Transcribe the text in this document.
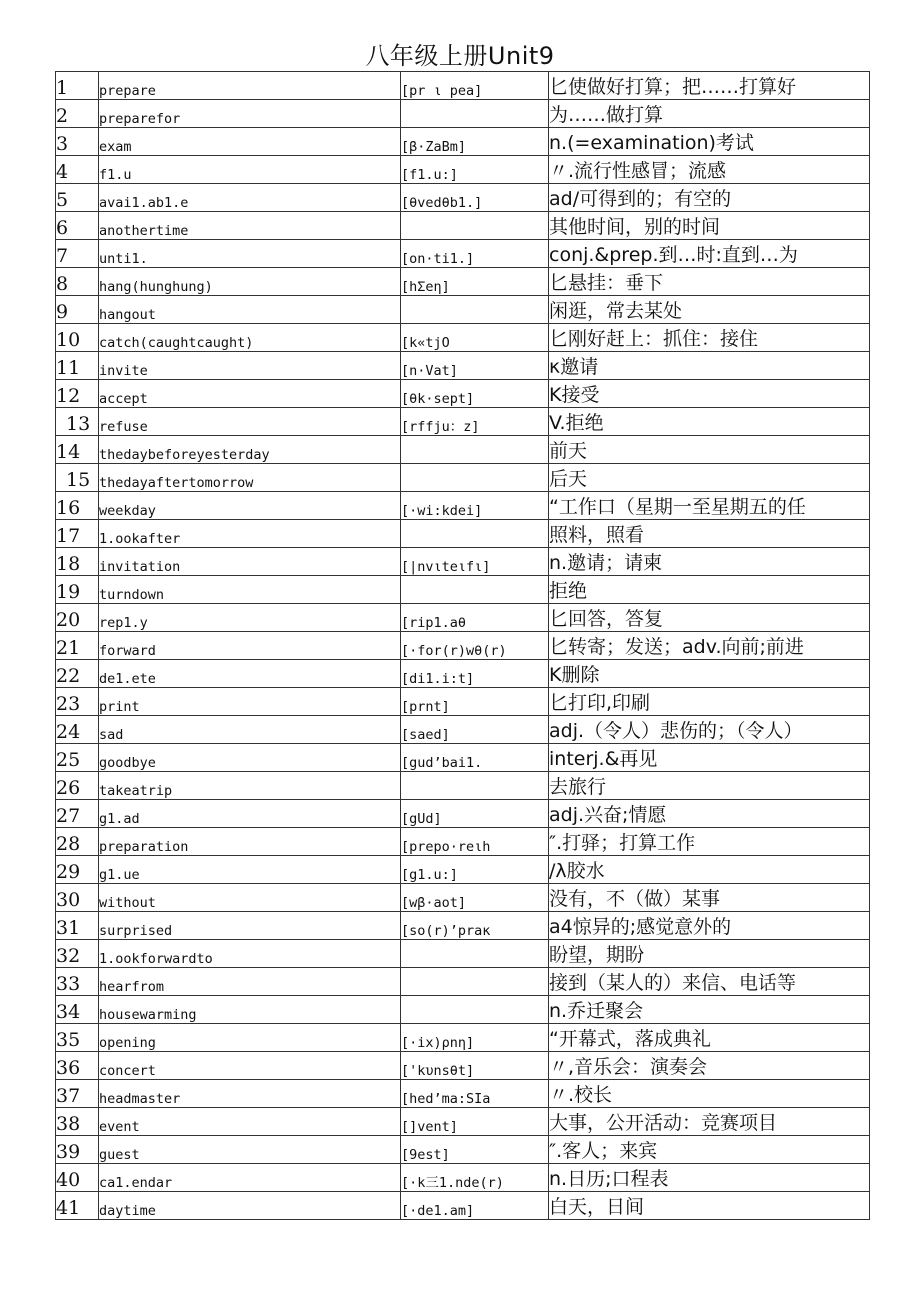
八年级上册Unit9
1	prepare	[pr ι pea]	匕使做好打算；把……打算好
2	preparefor		为……做打算
3	exam	[β·ZaBm]	n.(=examination)考试
4	f1.u	[f1.u:]	〃.流行性感冒；流感
5	avai1.ab1.e	[θvedθb1.]	ad/可得到的；有空的
6	anothertime		其他时间，别的时间
7	unti1.	[on·ti1.]	conj.&prep.到…时:直到…为
8	hang(hunghung)	[hΣeη]	匕悬挂：垂下
9	hangout		闲逛，常去某处
10	catch(caughtcaught)	[k«tjO	匕刚好赶上：抓住：接住
11	invite	[n·Vat]	κ邀请
12	accept	[θk·sept]	K接受
13	refuse	[rffju：z]	V.拒绝
14	thedaybeforeyesterday		前天
15	thedayaftertomorrow		后天
16	weekday	[·wi:kdei]	“工作口（星期一至星期五的任
17	1.ookafter		照料，照看
18	invitation	[|nvιteιfι]	n.邀请；请柬
19	turndown		拒绝
20	rep1.y	[rip1.aθ	匕回答，答复
21	forward	[·for(r)wθ(r)	匕转寄；发送；adv.向前;前进
22	de1.ete	[di1.i:t]	K删除
23	print	[prnt]	匕打印,印刷
24	sad	[saed]	adj.（令人）悲伤的；（令人）
25	goodbye	[gud’bai1.	interj.&再见
26	takeatrip		去旅行
27	g1.ad	[gUd]	adj.兴奋;情愿
28	preparation	[prepo·reιh	″.打驿；打算工作
29	g1.ue	[g1.u:]	/λ胶水
30	without	[wβ·aot]	没有，不（做）某事
31	surprised	[so(r)’praκ	a4惊异的;感觉意外的
32	1.ookforwardto		盼望，期盼
33	hearfrom		接到（某人的）来信、电话等
34	housewarming		n.乔迁聚会
35	opening	[·ix)ρnη]	“开幕式，落成典礼
36	concert	['kυnsθt]	〃,音乐会：演奏会
37	headmaster	[hed’ma:SIa	〃.校长
38	event	[]vent]	大事，公开活动：竞赛项目
39	guest	[9est]	″.客人；来宾
40	ca1.endar	[·k三1.nde(r)	n.日历;口程表
41	daytime	[·de1.am]	白天，日间
